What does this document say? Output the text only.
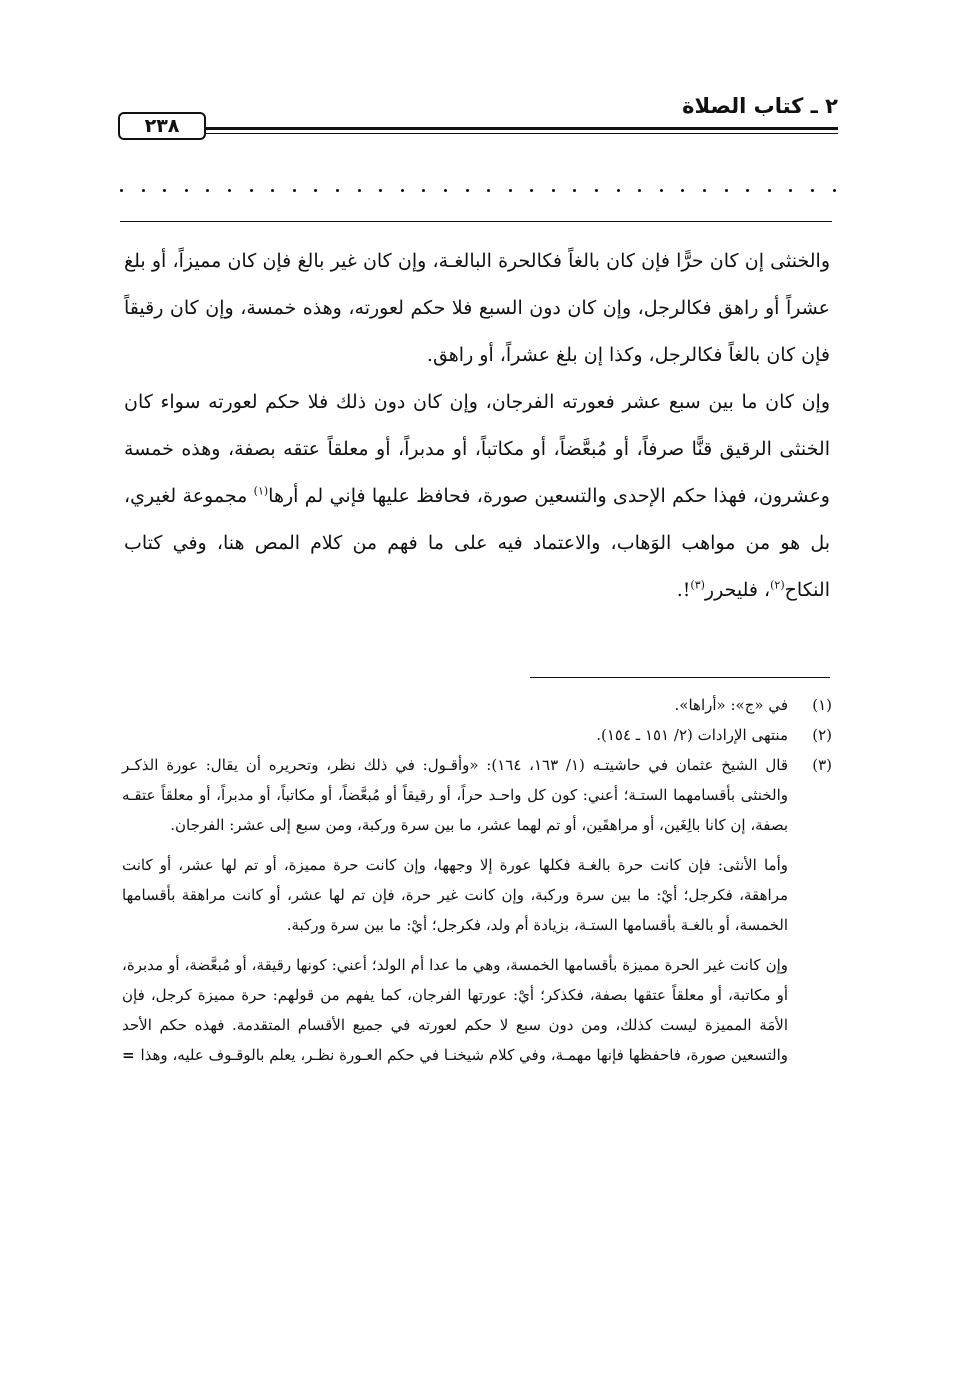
٢ ـ كتاب الصلاة
٢٣٨

والخنثى إن كان حرًّا فإن كان بالغاً فكالحرة البالغـة، وإن كان غير بالغ فإن كان مميزاً، أو بلغ عشراً أو راهق فكالرجل، وإن كان دون السبع فلا حكم لعورته، وهذه خمسة، وإن كان رقيقاً فإن كان بالغاً فكالرجل، وكذا إن بلغ عشراً، أو راهق.

وإن كان ما بين سبع عشر فعورته الفرجان، وإن كان دون ذلك فلا حكم لعورته سواء كان الخنثى الرقيق قنًّا صرفاً، أو مُبعَّضاً، أو مكاتباً، أو مدبراً، أو معلقاً عتقه بصفة، وهذه خمسة وعشرون، فهذا حكم الإحدى والتسعين صورة، فحافظ عليها فإني لم أرها$^{(١)}$ مجموعة لغيري، بل هو من مواهب الوَهاب، والاعتماد فيه على ما فهم من كلام المص هنا، وفي كتاب النكاح$^{(٢)}$، فليحرر$^{(٣)}$!.

(١)
في «ج»: «أراها».
(٢)
منتهى الإرادات (٢/ ١٥١ ـ ١٥٤).
(٣)

قال الشيخ عثمان في حاشيتـه (١/ ١٦٣، ١٦٤): «وأقـول: في ذلك نظر، وتحريره أن يقال: عورة الذكـر والخنثى بأقسامهما الستـة؛ أعني: كون كل واحـد حراً، أو رقيقاً أو مُبعَّضاً، أو مكاتباً، أو مدبراً، أو معلقاً عتقـه بصفة، إن كانا بالِغَين، أو مراهقَين، أو تم لهما عشر، ما بين سرة وركبة، ومن سبع إلى عشر: الفرجان.

وأما الأنثى: فإن كانت حرة بالغـة فكلها عورة إلا وجهها، وإن كانت حرة مميزة، أو تم لها عشر، أو كانت مراهقة، فكرجل؛ أيْ: ما بين سرة وركبة، وإن كانت غير حرة، فإن تم لها عشر، أو كانت مراهقة بأقسامها الخمسة، أو بالغـة بأقسامها الستـة، بزيادة أم ولد، فكرجل؛ أيْ: ما بين سرة وركبة.

وإن كانت غير الحرة مميزة بأقسامها الخمسة، وهي ما عدا أم الولد؛ أعني: كونها رقيقة، أو مُبعَّضة، أو مدبرة، أو مكاتبة، أو معلقاً عتقها بصفة، فكذكر؛ أيْ: عورتها الفرجان، كما يفهم من قولهم: حرة مميزة كرجل، فإن الأمَة المميزة ليست كذلك، ومن دون سبع لا حكم لعورته في جميع الأقسام المتقدمة. فهذه حكم الأحد والتسعين صورة، فاحفظها فإنها مهمـة، وفي كلام شيخنـا في حكم العـورة نظـر، يعلم بالوقـوف عليه، وهذا
=
